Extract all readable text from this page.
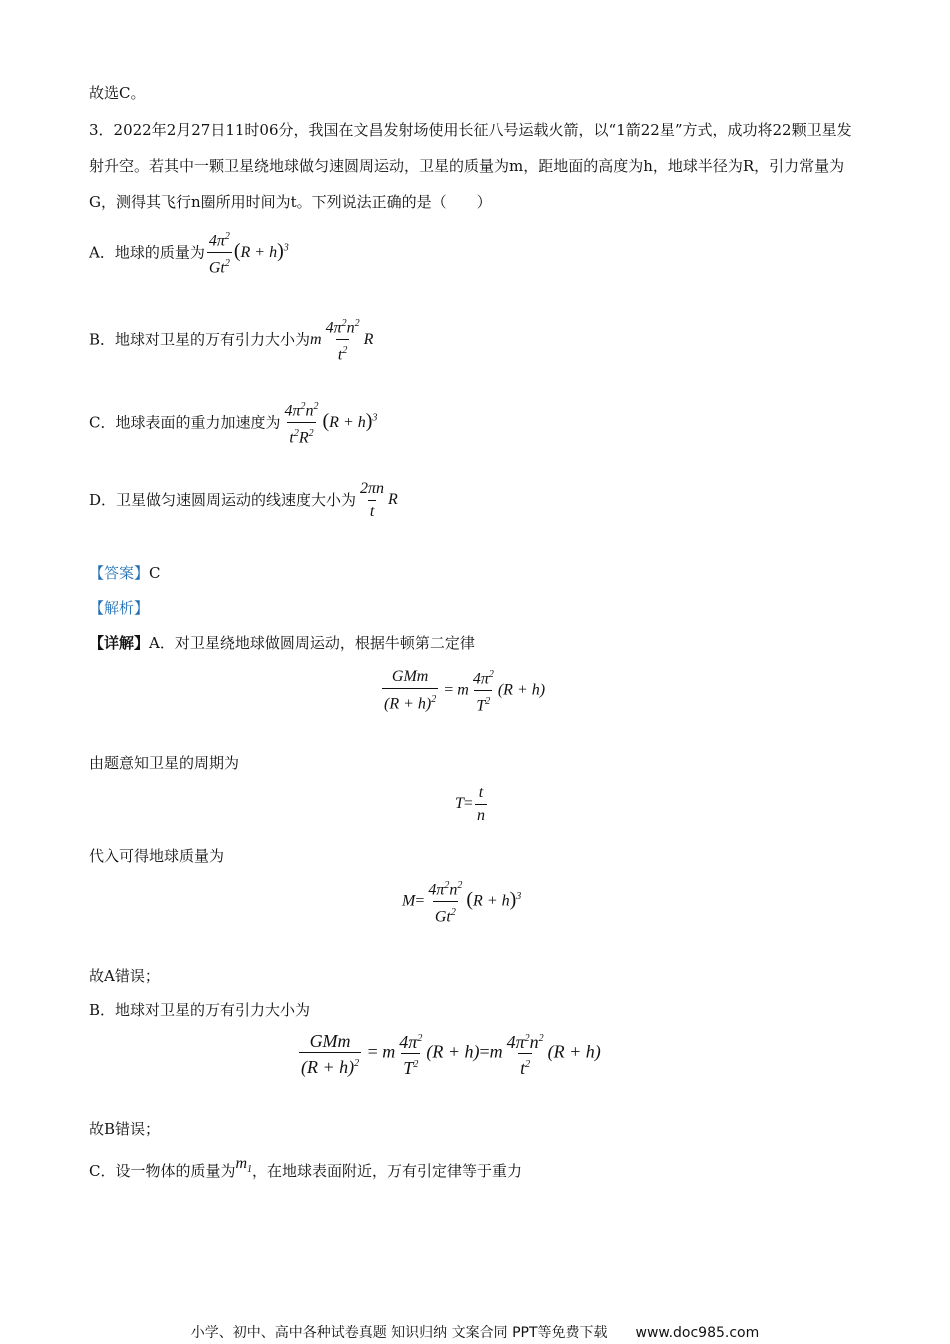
故选C。
3．2022年2月27日11时06分，我国在文昌发射场使用长征八号运载火箭，以“1箭22星”方式，成功将22颗卫星发射升空。若其中一颗卫星绕地球做匀速圆周运动，卫星的质量为m，距地面的高度为h，地球半径为R，引力常量为G，测得其飞行n圈所用时间为t。下列说法正确的是（　　）
A．地球的质量为 $\frac{4\pi^2}{Gt^2} (R + h)^3$
B．地球对卫星的万有引力大小为m $\frac{4\pi^2n^2}{t^2}$ R
C．地球表面的重力加速度为 $\frac{4\pi^2n^2}{t^2R^2} (R + h)^3$
D．卫星做匀速圆周运动的线速度大小为 $\frac{2\pi n}{t}$ R
【答案】C
【解析】
【详解】A．对卫星绕地球做圆周运动，根据牛顿第二定律
$\frac{\text{GMm}}{(R + h)^2} = m \frac{4\pi^2}{T^2} (R + h)$
由题意知卫星的周期为
$T= \frac{t}{n}$
代入可得地球质量为
$M= \frac{4\pi^2n^2}{Gt^2} (R + h)^3$
故A错误；
B．地球对卫星的万有引力大小为
$\frac{\text{GMm}}{(R + h)^2} = m \frac{4\pi^2}{T^2} (R + h)=m \frac{4\pi^2n^2}{t^2} (R + h)$
故B错误；
C．设一物体的质量为$m_1$，在地球表面附近，万有引定律等于重力
小学、初中、高中各种试卷真题 知识归纳 文案合同 PPT等免费下载　　www.doc985.com
